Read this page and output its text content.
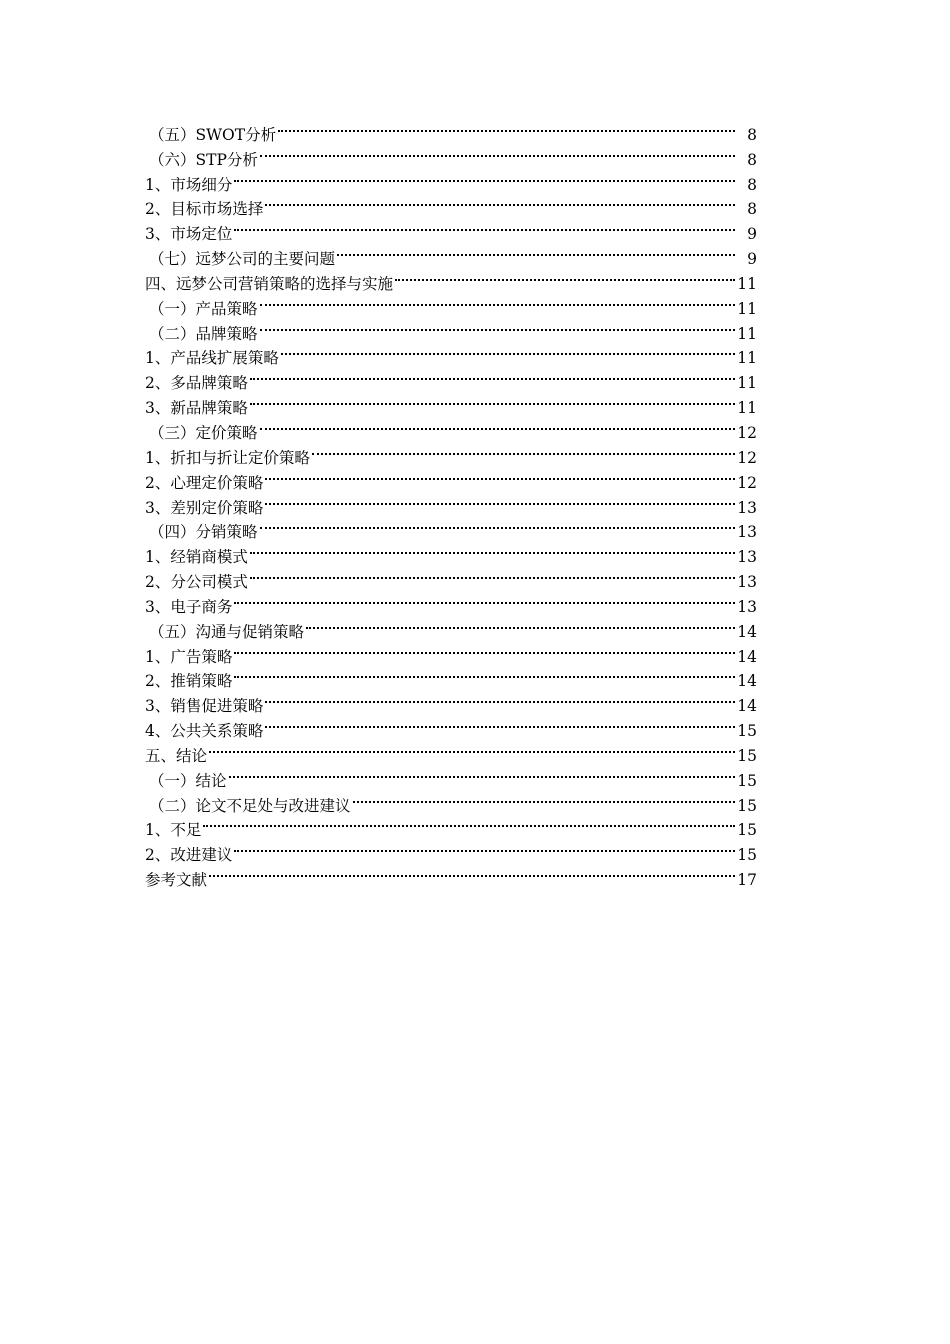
（五）SWOT分析	8
（六）STP分析	8
1、市场细分	8
2、目标市场选择	8
3、市场定位	9
（七）远梦公司的主要问题	9
四、远梦公司营销策略的选择与实施	11
（一）产品策略	11
（二）品牌策略	11
1、产品线扩展策略	11
2、多品牌策略	11
3、新品牌策略	11
（三）定价策略	12
1、折扣与折让定价策略	12
2、心理定价策略	12
3、差别定价策略	13
（四）分销策略	13
1、经销商模式	13
2、分公司模式	13
3、电子商务	13
（五）沟通与促销策略	14
1、广告策略	14
2、推销策略	14
3、销售促进策略	14
4、公共关系策略	15
五、结论	15
（一）结论	15
（二）论文不足处与改进建议	15
1、不足	15
2、改进建议	15
参考文献	17
